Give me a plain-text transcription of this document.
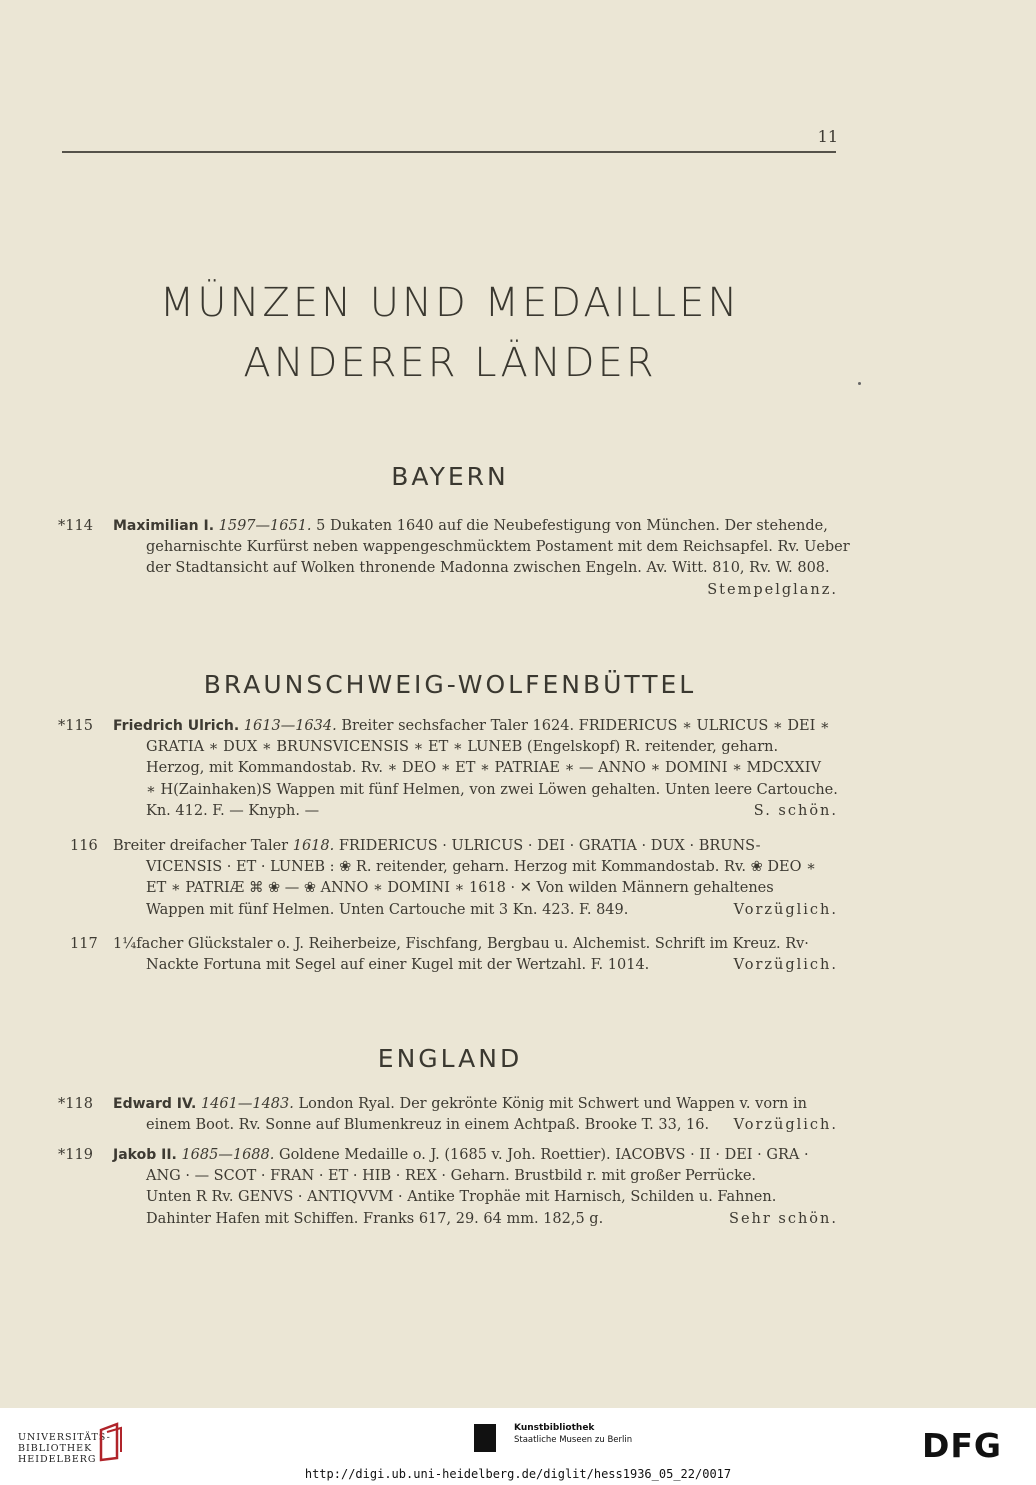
11
MÜNZEN UND MEDAILLEN
ANDERER LÄNDER
BAYERN
*114	Maximilian I. 1597—1651. 5 Dukaten 1640 auf die Neubefestigung von München. Der stehende,
geharnischte Kurfürst neben wappengeschmücktem Postament mit dem Reichsapfel. Rv. Ueber
der Stadtansicht auf Wolken thronende Madonna zwischen Engeln. Av. Witt. 810, Rv. W. 808.
Stempelglanz.
BRAUNSCHWEIG-WOLFENBÜTTEL
*115	Friedrich Ulrich. 1613—1634. Breiter sechsfacher Taler 1624. FRIDERICUS ∗ ULRICUS ∗ DEI ∗
GRATIA ∗ DUX ∗ BRUNSVICENSIS ∗ ET ∗ LUNEB (Engelskopf) R. reitender, geharn.
Herzog, mit Kommandostab. Rv. ∗ DEO ∗ ET ∗ PATRIAE ∗ — ANNO ∗ DOMINI ∗ MDCXXIV
∗ H(Zainhaken)S Wappen mit fünf Helmen, von zwei Löwen gehalten. Unten leere Cartouche.
Kn. 412. F. — Knyph. —	S. schön.
116	Breiter dreifacher Taler 1618. FRIDERICUS · ULRICUS · DEI · GRATIA · DUX · BRUNS-
VICENSIS · ET · LUNEB : ❀ R. reitender, geharn. Herzog mit Kommandostab. Rv. ❀ DEO ∗
ET ∗ PATRIÆ ⌘ ❀ — ❀ ANNO ∗ DOMINI ∗ 1618 · ✕ Von wilden Männern gehaltenes
Wappen mit fünf Helmen. Unten Cartouche mit 3 Kn. 423. F. 849.	Vorzüglich.
117	1¼facher Glückstaler o. J. Reiherbeize, Fischfang, Bergbau u. Alchemist. Schrift im Kreuz. Rv·
Nackte Fortuna mit Segel auf einer Kugel mit der Wertzahl. F. 1014.	Vorzüglich.
ENGLAND
*118	Edward IV. 1461—1483. London Ryal. Der gekrönte König mit Schwert und Wappen v. vorn in
einem Boot. Rv. Sonne auf Blumenkreuz in einem Achtpaß. Brooke T. 33, 16. Vorzüglich.
*119	Jakob II. 1685—1688. Goldene Medaille o. J. (1685 v. Joh. Roettier). IACOBVS · II · DEI · GRA ·
ANG · — SCOT · FRAN · ET · HIB · REX · Geharn. Brustbild r. mit großer Perrücke.
Unten R Rv. GENVS · ANTIQVVM · Antike Trophäe mit Harnisch, Schilden u. Fahnen.
Dahinter Hafen mit Schiffen. Franks 617, 29. 64 mm. 182,5 g.	Sehr schön.
UNIVERSITÄTS-
BIBLIOTHEK
HEIDELBERG
Kunstbibliothek
Staatliche Museen zu Berlin	DFG
http://digi.ub.uni-heidelberg.de/diglit/hess1936_05_22/0017
